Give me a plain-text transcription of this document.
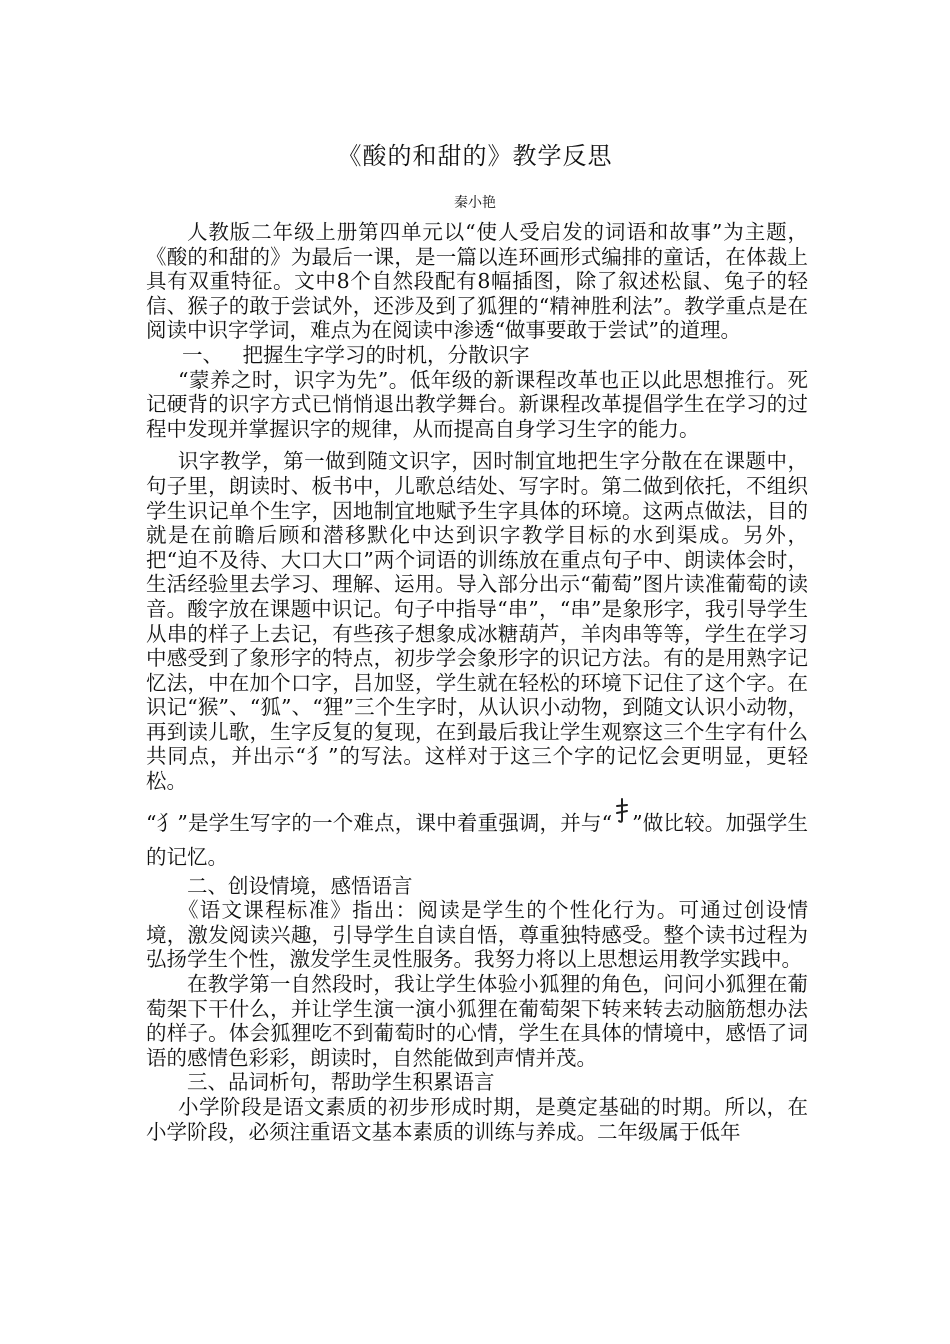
《酸的和甜的》教学反思
秦小艳

人教版二年级上册第四单元以“使人受启发的词语和故事”为主题，《酸的和甜的》为最后一课，是一篇以连环画形式编排的童话，在体裁上具有双重特征。文中8个自然段配有8幅插图，除了叙述松鼠、兔子的轻信、猴子的敢于尝试外，还涉及到了狐狸的“精神胜利法”。教学重点是在阅读中识字学词，难点为在阅读中渗透“做事要敢于尝试”的道理。

一、   把握生字学习的时机，分散识字

“蒙养之时，识字为先”。低年级的新课程改革也正以此思想推行。死记硬背的识字方式已悄悄退出教学舞台。新课程改革提倡学生在学习的过程中发现并掌握识字的规律，从而提高自身学习生字的能力。

识字教学，第一做到随文识字，因时制宜地把生字分散在在课题中，句子里，朗读时、板书中，儿歌总结处、写字时。第二做到依托，不组织学生识记单个生字，因地制宜地赋予生字具体的环境。这两点做法，目的就是在前瞻后顾和潜移默化中达到识字教学目标的水到渠成。另外，把“迫不及待、大口大口”两个词语的训练放在重点句子中、朗读体会时，生活经验里去学习、理解、运用。导入部分出示“葡萄”图片读准葡萄的读音。酸字放在课题中识记。句子中指导“串”，“串”是象形字，我引导学生从串的样子上去记，有些孩子想象成冰糖葫芦，羊肉串等等，学生在学习中感受到了象形字的特点，初步学会象形字的识记方法。有的是用熟字记忆法，中在加个口字，吕加竖，学生就在轻松的环境下记住了这个字。在识记“猴”、“狐”、“狸”三个生字时，从认识小动物，到随文认识小动物，再到读儿歌，生字反复的复现，在到最后我让学生观察这三个生字有什么共同点，并出示“犭”的写法。这样对于这三个字的记忆会更明显，更轻松。

“犭”是学生写字的一个难点，课中着重强调，并与“ ”做比较。加强学生的记忆。

二、创设情境，感悟语言

《语文课程标准》指出：阅读是学生的个性化行为。可通过创设情境，激发阅读兴趣，引导学生自读自悟，尊重独特感受。整个读书过程为弘扬学生个性，激发学生灵性服务。我努力将以上思想运用教学实践中。

在教学第一自然段时，我让学生体验小狐狸的角色，问问小狐狸在葡萄架下干什么，并让学生演一演小狐狸在葡萄架下转来转去动脑筋想办法的样子。体会狐狸吃不到葡萄时的心情，学生在具体的情境中，感悟了词语的感情色彩彩，朗读时，自然能做到声情并茂。

三、品词析句，帮助学生积累语言

小学阶段是语文素质的初步形成时期，是奠定基础的时期。所以，在小学阶段，必须注重语文基本素质的训练与养成。二年级属于低年
